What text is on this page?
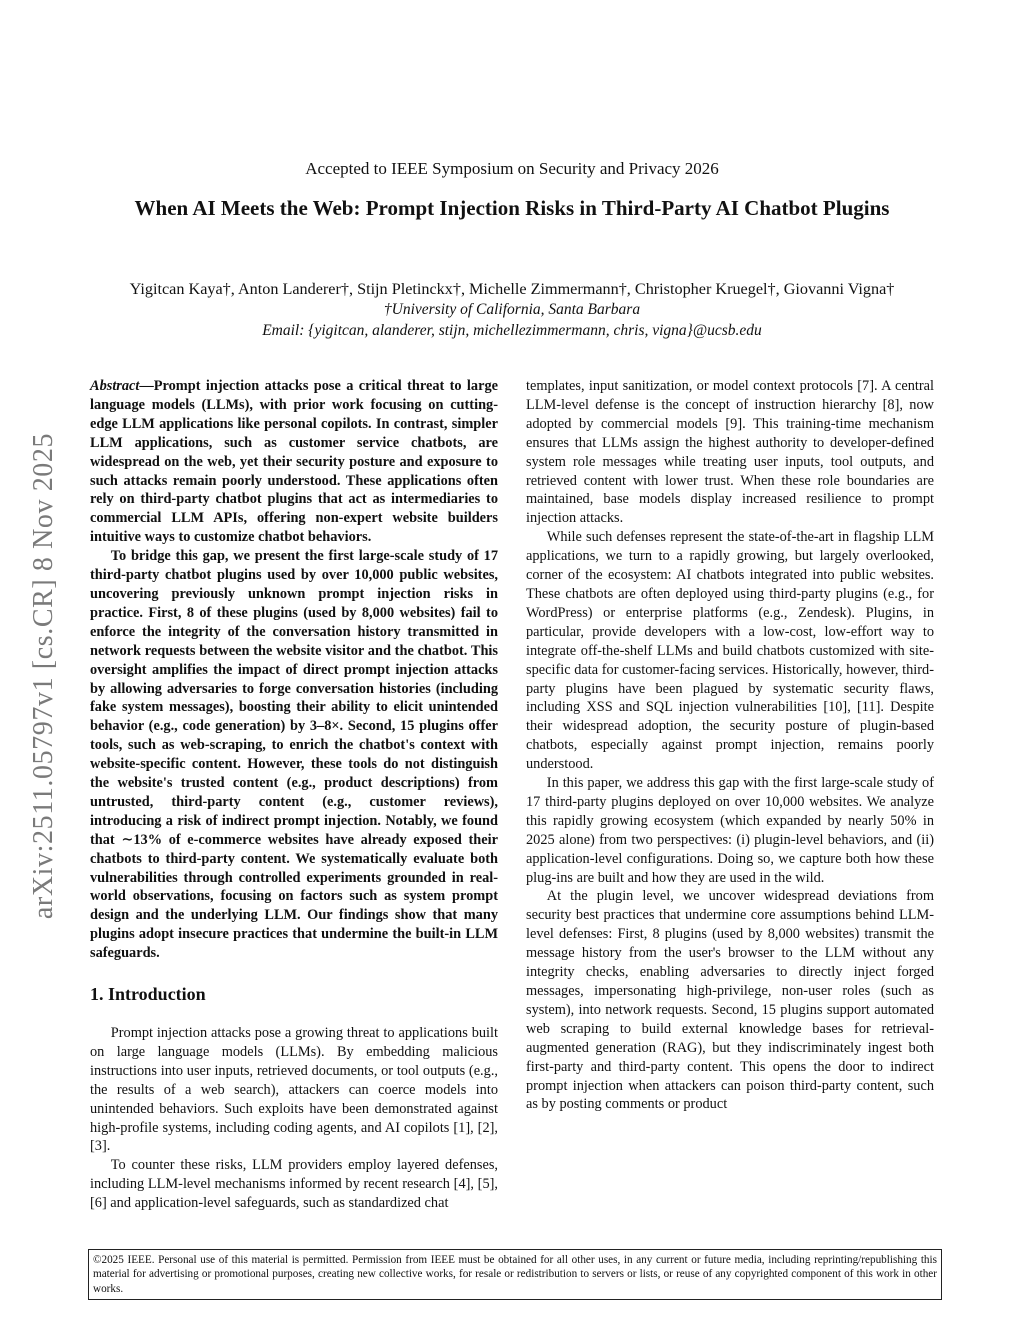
Accepted to IEEE Symposium on Security and Privacy 2026
When AI Meets the Web: Prompt Injection Risks in Third-Party AI Chatbot Plugins
Yigitcan Kaya†, Anton Landerer†, Stijn Pletinckx†, Michelle Zimmermann†, Christopher Kruegel†, Giovanni Vigna†
†University of California, Santa Barbara
Email: {yigitcan, alanderer, stijn, michellezimmermann, chris, vigna}@ucsb.edu
arXiv:2511.05797v1 [cs.CR] 8 Nov 2025

Abstract—Prompt injection attacks pose a critical threat to large language models (LLMs), with prior work focusing on cutting-edge LLM applications like personal copilots. In contrast, simpler LLM applications, such as customer service chatbots, are widespread on the web, yet their security posture and exposure to such attacks remain poorly understood. These applications often rely on third-party chatbot plugins that act as intermediaries to commercial LLM APIs, offering non-expert website builders intuitive ways to customize chatbot behaviors.

To bridge this gap, we present the first large-scale study of 17 third-party chatbot plugins used by over 10,000 public websites, uncovering previously unknown prompt injection risks in practice. First, 8 of these plugins (used by 8,000 websites) fail to enforce the integrity of the conversation history transmitted in network requests between the website visitor and the chatbot. This oversight amplifies the impact of direct prompt injection attacks by allowing adversaries to forge conversation histories (including fake system messages), boosting their ability to elicit unintended behavior (e.g., code generation) by 3–8×. Second, 15 plugins offer tools, such as web-scraping, to enrich the chatbot's context with website-specific content. However, these tools do not distinguish the website's trusted content (e.g., product descriptions) from untrusted, third-party content (e.g., customer reviews), introducing a risk of indirect prompt injection. Notably, we found that ∼13% of e-commerce websites have already exposed their chatbots to third-party content. We systematically evaluate both vulnerabilities through controlled experiments grounded in real-world observations, focusing on factors such as system prompt design and the underlying LLM. Our findings show that many plugins adopt insecure practices that undermine the built-in LLM safeguards.

1. Introduction

Prompt injection attacks pose a growing threat to applications built on large language models (LLMs). By embedding malicious instructions into user inputs, retrieved documents, or tool outputs (e.g., the results of a web search), attackers can coerce models into unintended behaviors. Such exploits have been demonstrated against high-profile systems, including coding agents, and AI copilots [1], [2], [3].

To counter these risks, LLM providers employ layered defenses, including LLM-level mechanisms informed by recent research [4], [5], [6] and application-level safeguards, such as standardized chat

templates, input sanitization, or model context protocols [7]. A central LLM-level defense is the concept of instruction hierarchy [8], now adopted by commercial models [9]. This training-time mechanism ensures that LLMs assign the highest authority to developer-defined system role messages while treating user inputs, tool outputs, and retrieved content with lower trust. When these role boundaries are maintained, base models display increased resilience to prompt injection attacks.

While such defenses represent the state-of-the-art in flagship LLM applications, we turn to a rapidly growing, but largely overlooked, corner of the ecosystem: AI chatbots integrated into public websites. These chatbots are often deployed using third-party plugins (e.g., for WordPress) or enterprise platforms (e.g., Zendesk). Plugins, in particular, provide developers with a low-cost, low-effort way to integrate off-the-shelf LLMs and build chatbots customized with site-specific data for customer-facing services. Historically, however, third-party plugins have been plagued by systematic security flaws, including XSS and SQL injection vulnerabilities [10], [11]. Despite their widespread adoption, the security posture of plugin-based chatbots, especially against prompt injection, remains poorly understood.

In this paper, we address this gap with the first large-scale study of 17 third-party plugins deployed on over 10,000 websites. We analyze this rapidly growing ecosystem (which expanded by nearly 50% in 2025 alone) from two perspectives: (i) plugin-level behaviors, and (ii) application-level configurations. Doing so, we capture both how these plug-ins are built and how they are used in the wild.

At the plugin level, we uncover widespread deviations from security best practices that undermine core assumptions behind LLM-level defenses: First, 8 plugins (used by 8,000 websites) transmit the message history from the user's browser to the LLM without any integrity checks, enabling adversaries to directly inject forged messages, impersonating high-privilege, non-user roles (such as system), into network requests. Second, 15 plugins support automated web scraping to build external knowledge bases for retrieval-augmented generation (RAG), but they indiscriminately ingest both first-party and third-party content. This opens the door to indirect prompt injection when attackers can poison third-party content, such as by posting comments or product

©2025 IEEE. Personal use of this material is permitted. Permission from IEEE must be obtained for all other uses, in any current or future media, including reprinting/republishing this material for advertising or promotional purposes, creating new collective works, for resale or redistribution to servers or lists, or reuse of any copyrighted component of this work in other works.
